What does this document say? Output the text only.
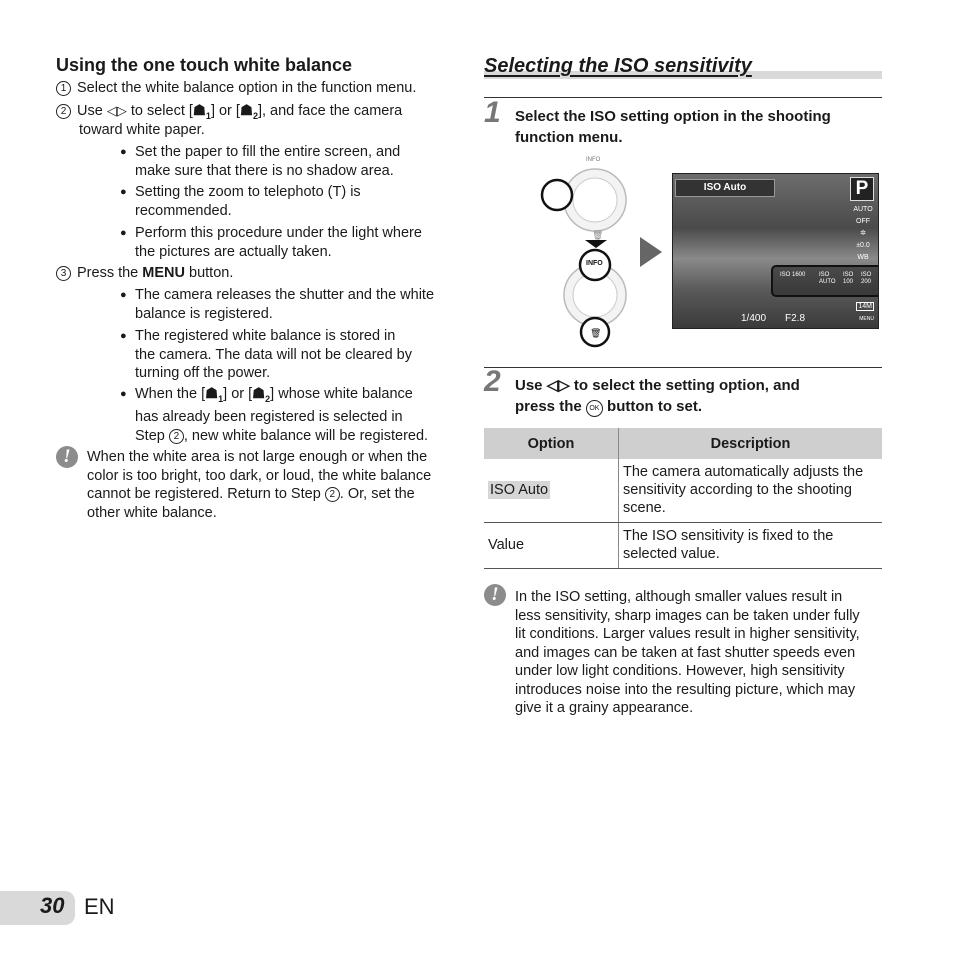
Using the one touch white balance
1 Select the white balance option in the function menu.
2 Use ◁▷ to select $[☗_1]$ or $[☗_2]$, and face the camera
toward white paper.
● Set the paper to fill the entire screen, and
make sure that there is no shadow area.
● Setting the zoom to telephoto (T) is
recommended.
● Perform this procedure under the light where
the pictures are actually taken.
3 Press the MENU button.
● The camera releases the shutter and the white
balance is registered.
● The registered white balance is stored in
the camera. The data will not be cleared by
turning off the power.
● When the $[☗_1]$ or $[☗_2]$ whose white balance
has already been registered is selected in
Step 2 , new white balance will be registered.
!	When the white area is not large enough or when the
color is too bright, too dark, or loud, the white balance
cannot be registered. Return to Step 2 . Or, set the
other white balance.
Selecting the ISO sensitivity
1 Select the ISO setting option in the shooting
function menu.
INFO
🗑
INFO
🗑
ISO Auto	P
AUTO
OFF
✲
±0.0
WB
ISO 1600 ISO AUTO
ISO 100
ISO 200
1/400 F2.8
14M
MENU
2 Use ◁▷ to select the setting option, and
press the OK button to set.
Option	Description
ISO Auto	The camera automatically adjusts the
sensitivity according to the shooting
scene.

Value	The ISO sensitivity is fixed to the
selected value.
!	In the ISO setting, although smaller values result in
less sensitivity, sharp images can be taken under fully
lit conditions. Larger values result in higher sensitivity,
and images can be taken at fast shutter speeds even
under low light conditions. However, high sensitivity
introduces noise into the resulting picture, which may
give it a grainy appearance.
30 EN
